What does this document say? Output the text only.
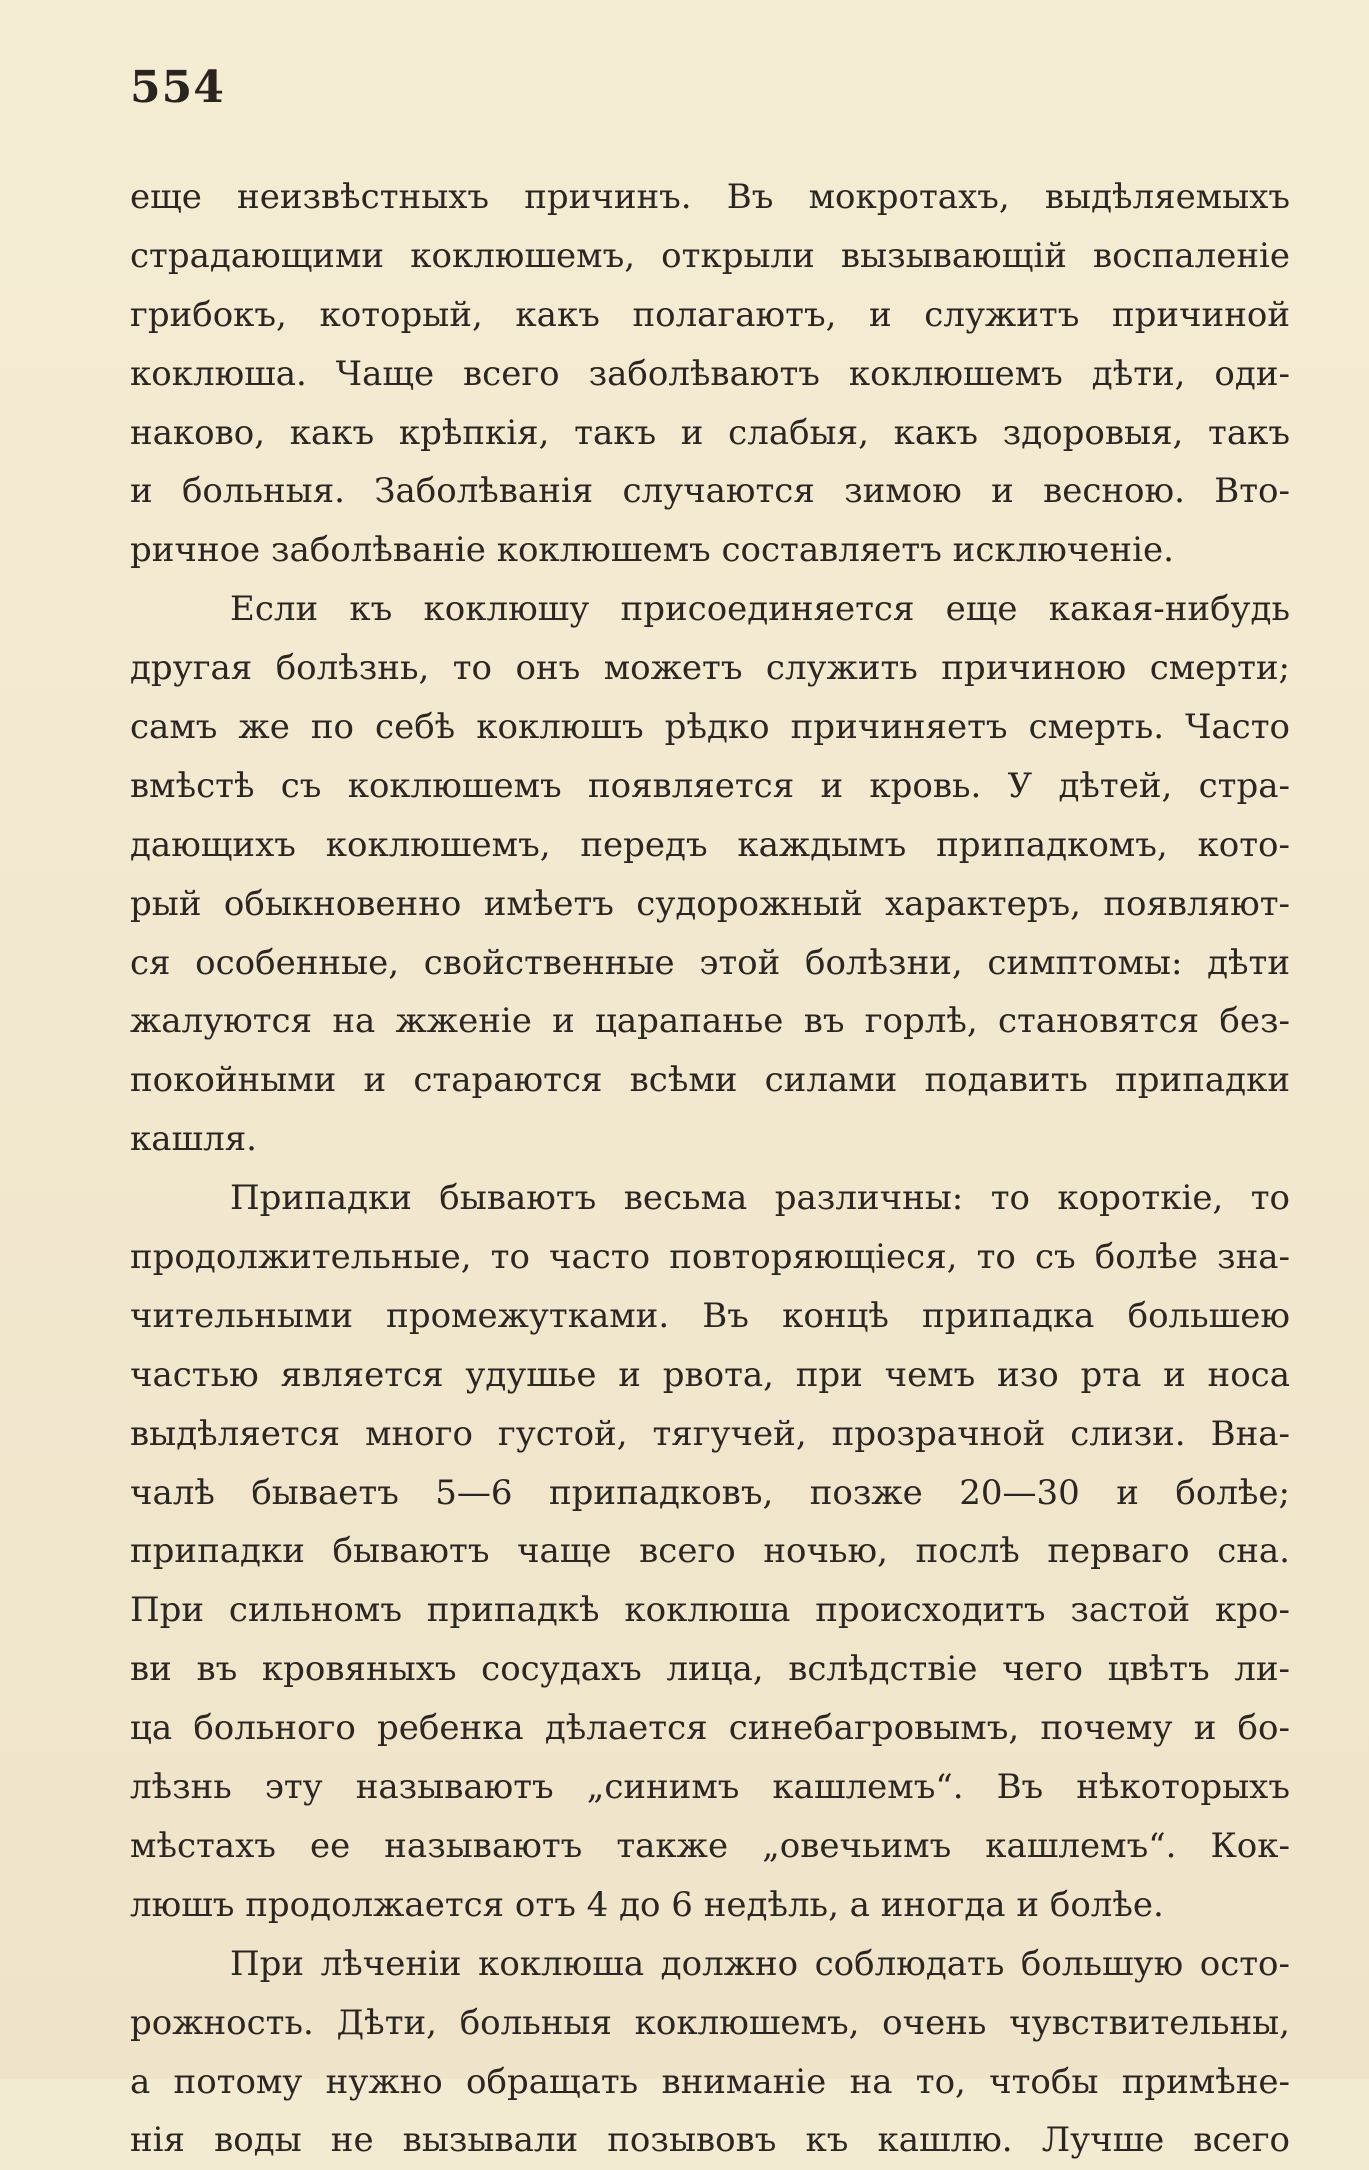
554
еще неизвѣстныхъ причинъ. Въ мокротахъ, выдѣляемыхъ
страдающими коклюшемъ, открыли вызывающій воспаленіе
грибокъ, который, какъ полагаютъ, и служитъ причиной
коклюша. Чаще всего заболѣваютъ коклюшемъ дѣти, оди-
наково, какъ крѣпкія, такъ и слабыя, какъ здоровыя, такъ
и больныя. Заболѣванія случаются зимою и весною. Вто-
ричное заболѣваніе коклюшемъ составляетъ исключеніе.
Если къ коклюшу присоединяется еще какая-нибудь
другая болѣзнь, то онъ можетъ служить причиною смерти;
самъ же по себѣ коклюшъ рѣдко причиняетъ смерть. Часто
вмѣстѣ съ коклюшемъ появляется и кровь. У дѣтей, стра-
дающихъ коклюшемъ, передъ каждымъ припадкомъ, кото-
рый обыкновенно имѣетъ судорожный характеръ, появляют-
ся особенные, свойственные этой болѣзни, симптомы: дѣти
жалуются на жженіе и царапанье въ горлѣ, становятся без-
покойными и стараются всѣми силами подавить припадки
кашля.
Припадки бываютъ весьма различны: то короткіе, то
продолжительные, то часто повторяющіеся, то съ болѣе зна-
чительными промежутками. Въ концѣ припадка большею
частью является удушье и рвота, при чемъ изо рта и носа
выдѣляется много густой, тягучей, прозрачной слизи. Вна-
чалѣ бываетъ 5—6 припадковъ, позже 20—30 и болѣе;
припадки бываютъ чаще всего ночью, послѣ перваго сна.
При сильномъ припадкѣ коклюша происходитъ застой кро-
ви въ кровяныхъ сосудахъ лица, вслѣдствіе чего цвѣтъ ли-
ца больного ребенка дѣлается синебагровымъ, почему и бо-
лѣзнь эту называютъ „синимъ кашлемъ“. Въ нѣкоторыхъ
мѣстахъ ее называютъ также „овечьимъ кашлемъ“. Кок-
люшъ продолжается отъ 4 до 6 недѣль, а иногда и болѣе.
При лѣченіи коклюша должно соблюдать большую осто-
рожность. Дѣти, больныя коклюшемъ, очень чувствительны,
а потому нужно обращать вниманіе на то, чтобы примѣне-
нія воды не вызывали позывовъ къ кашлю. Лучше всего
